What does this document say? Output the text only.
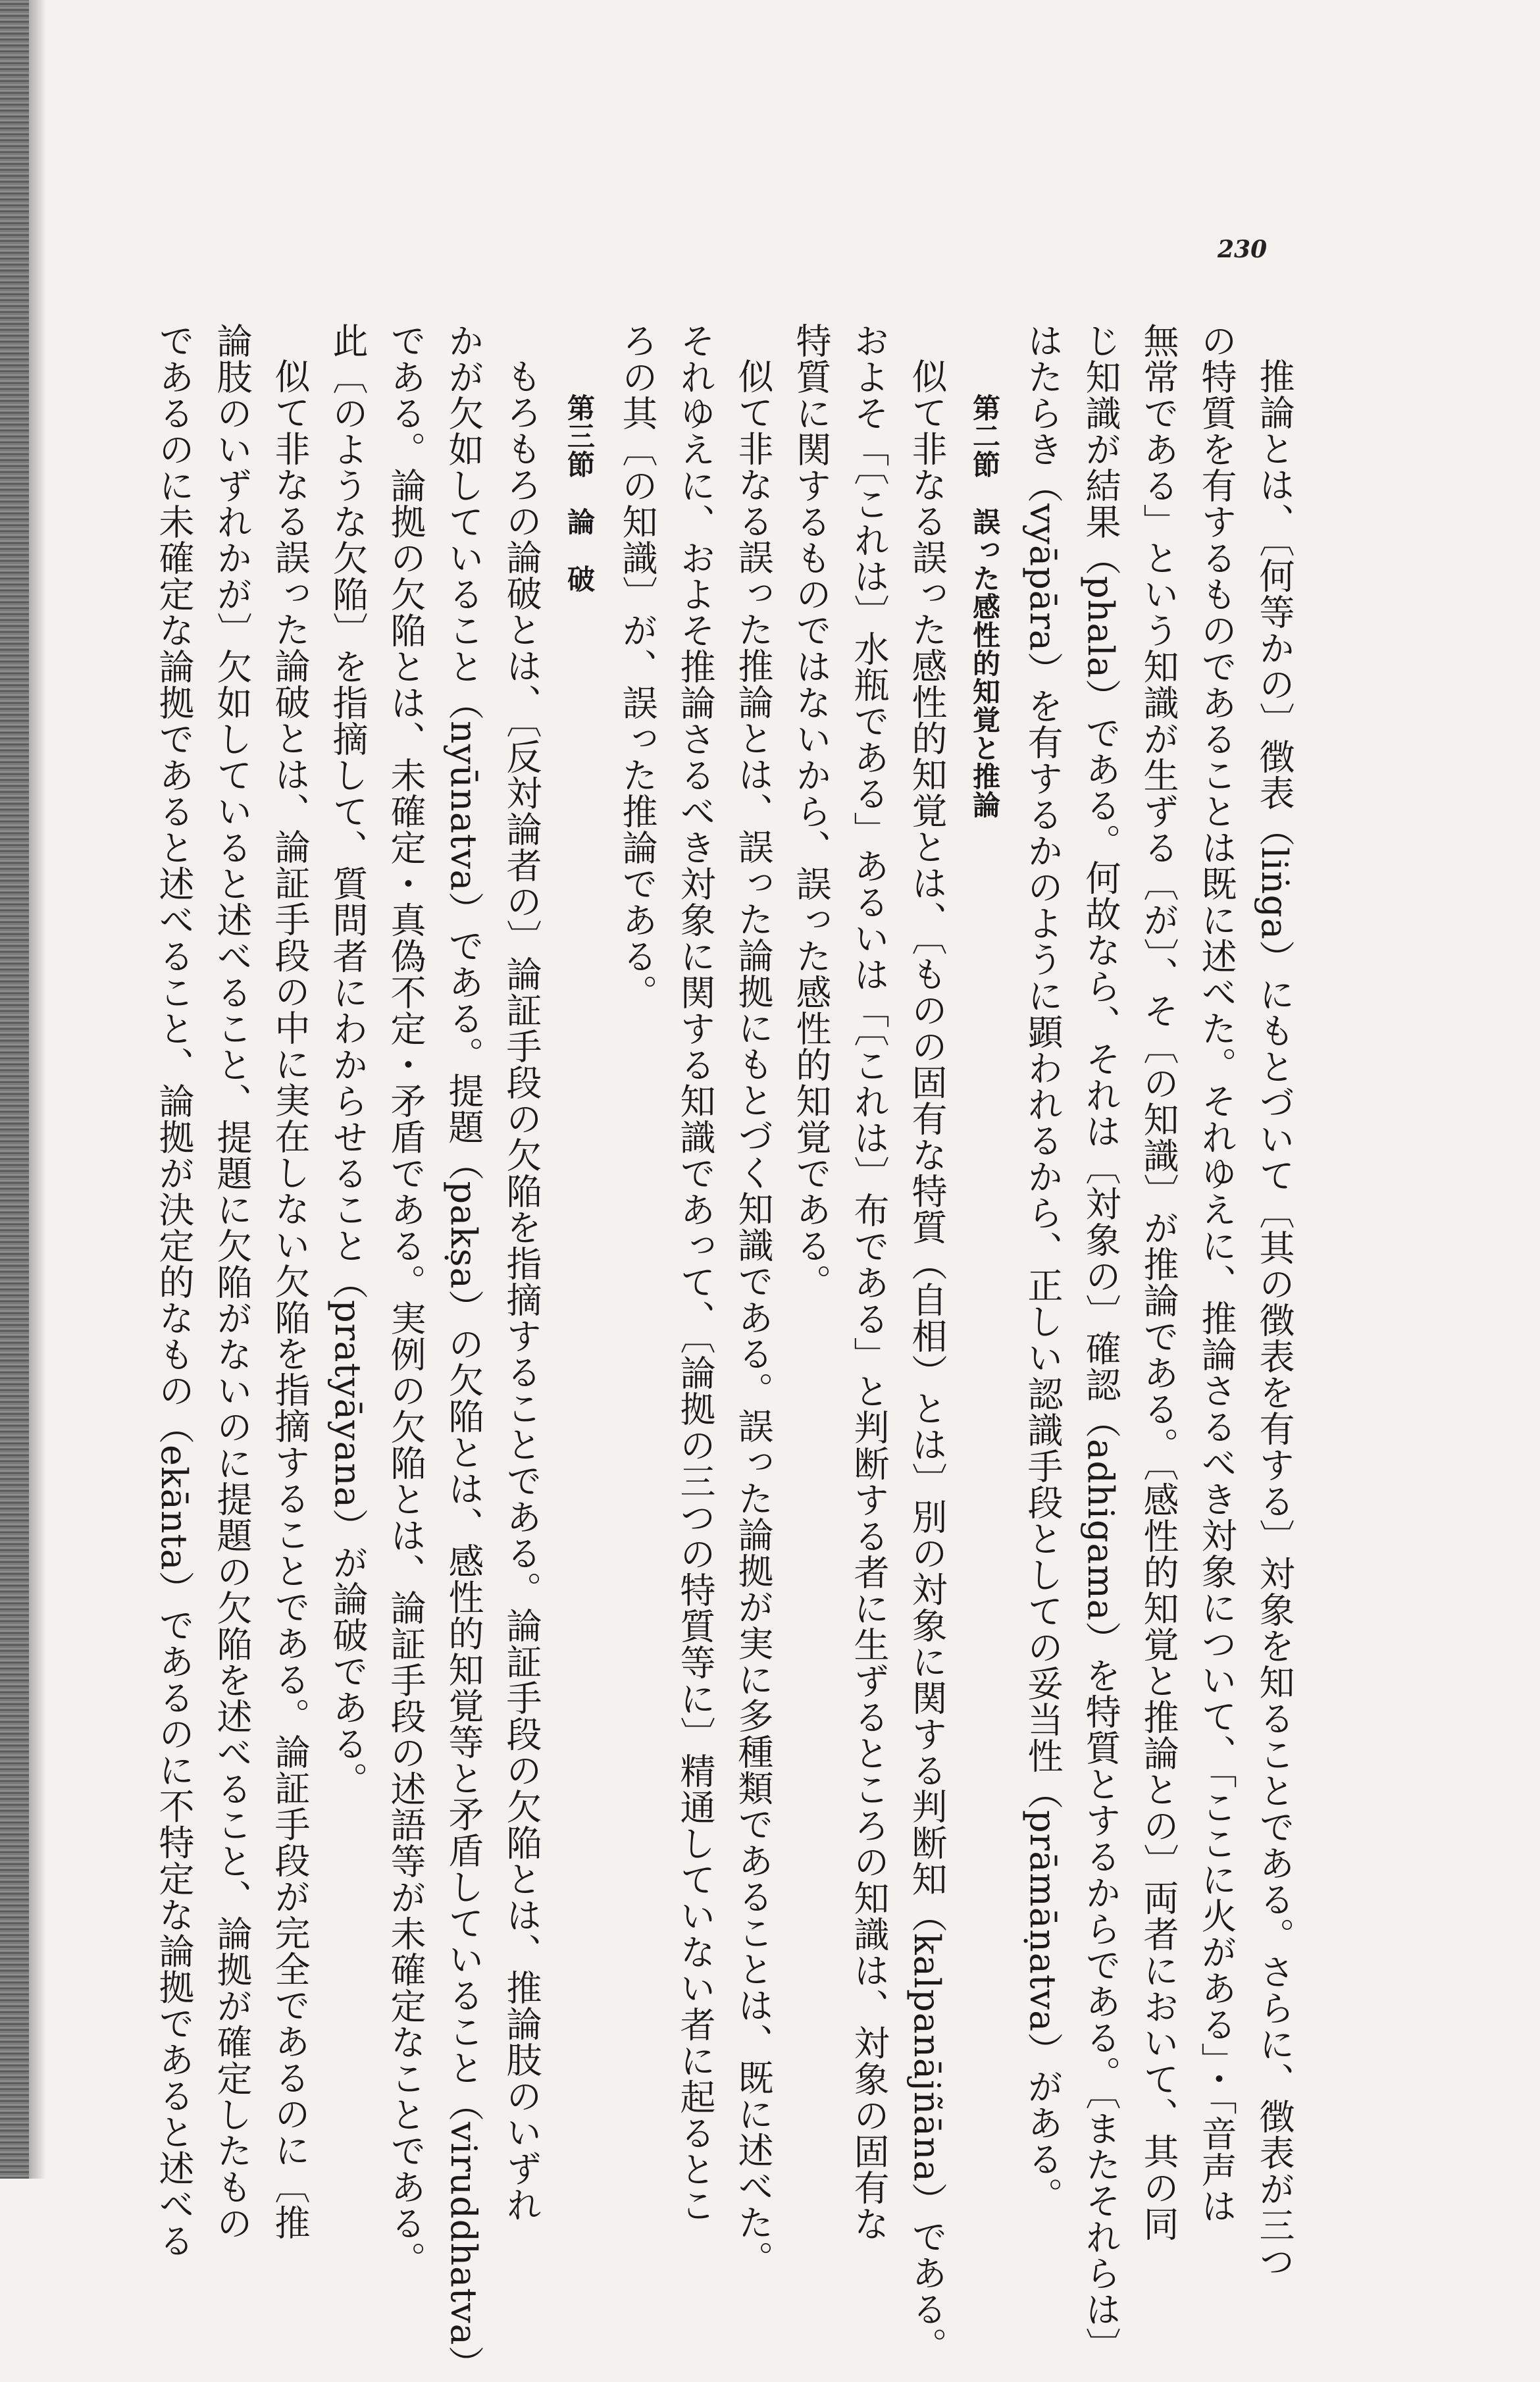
230

推論とは、〔何等かの〕徴表（liṅga）にもとづいて〔其の徴表を有する〕対象を知ることである。さらに、徴表が三つ

の特質を有するものであることは既に述べた。それゆえに、推論さるべき対象について、「ここに火がある」・「音声は

無常である」という知識が生ずる〔が〕、そ〔の知識〕が推論である。〔感性的知覚と推論との〕両者において、其の同

じ知識が結果（phala）である。何故なら、それは〔対象の〕確認（adhigama）を特質とするからである。〔またそれらは〕

はたらき（vyāpāra）を有するかのように顕われるから、正しい認識手段としての妥当性（prāmāṇatva）がある。

第二節誤った感性的知覚と推論

似て非なる誤った感性的知覚とは、〔ものの固有な特質（自相）とは〕別の対象に関する判断知（kalpanājñāna）である。

およそ「〔これは〕水瓶である」あるいは「〔これは〕布である」と判断する者に生ずるところの知識は、対象の固有な

特質に関するものではないから、誤った感性的知覚である。

似て非なる誤った推論とは、誤った論拠にもとづく知識である。誤った論拠が実に多種類であることは、既に述べた。

それゆえに、およそ推論さるべき対象に関する知識であって、〔論拠の三つの特質等に〕精通していない者に起るとこ

ろの其〔の知識〕が、誤った推論である。

第三節論破

もろもろの論破とは、〔反対論者の〕論証手段の欠陥を指摘することである。論証手段の欠陥とは、推論肢のいずれ

かが欠如していること（nyūnatva）である。提題（pakṣa）の欠陥とは、感性的知覚等と矛盾していること（viruddhatva）

である。論拠の欠陥とは、未確定・真偽不定・矛盾である。実例の欠陥とは、論証手段の述語等が未確定なことである。

此〔のような欠陥〕を指摘して、質問者にわからせること（pratyāyana）が論破である。

似て非なる誤った論破とは、論証手段の中に実在しない欠陥を指摘することである。論証手段が完全であるのに〔推

論肢のいずれかが〕欠如していると述べること、提題に欠陥がないのに提題の欠陥を述べること、論拠が確定したもの

であるのに未確定な論拠であると述べること、論拠が決定的なもの（ekānta）であるのに不特定な論拠であると述べる
